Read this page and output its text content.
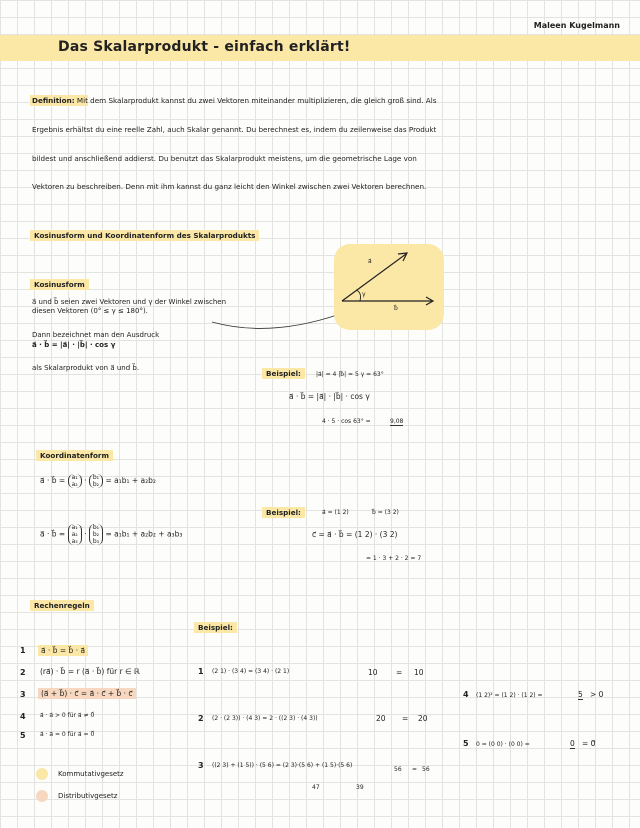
Maleen Kugelmann
Das Skalarprodukt - einfach erklärt!
Definition: Mit dem Skalarprodukt kannst du zwei Vektoren miteinander multiplizieren, die gleich groß sind. Als
Ergebnis erhältst du eine reelle Zahl, auch Skalar genannt. Du berechnest es, indem du zeilenweise das Produkt
bildest und anschließend addierst. Du benutzt das Skalarprodukt meistens, um die geometrische Lage von
Vektoren zu beschreiben. Denn mit ihm kannst du ganz leicht den Winkel zwischen zwei Vektoren berechnen.
Kosinusform und Koordinatenform des Skalarprodukts
Kosinusform
a⃗ und b⃗ seien zwei Vektoren und γ der Winkel zwischen
diesen Vektoren (0° ≤ γ ≤ 180°).
Dann bezeichnet man den Ausdruck
a⃗ · b⃗ = |a⃗| · |b⃗| · cos γ
als Skalarprodukt von a⃗ und b⃗.
a⃗
b⃗
γ
Beispiel:	|a⃗| = 4 |b⃗| = 5 γ = 63°
a⃗ · b⃗ = |a⃗| · |b⃗| · cos γ
4 · 5 · cos 63° =	9,08
Koordinatenform
a⃗ · b⃗ = a₁
a₂ · b₁
b₂ = a₁b₁ + a₂b₂
a⃗ · b⃗ = a₁
a₂
a₃ · b₁
b₂
b₃ = a₁b₁ + a₂b₂ + a₃b₃
Beispiel:	a⃗ = (1 2)	b⃗ = (3 2)
c⃗ = a⃗ · b⃗ = (1 2) · (3 2)
= 1 · 3 + 2 · 2 = 7
Rechenregeln
Beispiel:
1	a⃗ · b⃗ = b⃗ · a⃗
2 (ra⃗) · b⃗ = r (a⃗ · b⃗) für r ∈ ℝ
3	(a⃗ + b⃗) · c⃗ = a⃗ · c⃗ + b⃗ · c⃗
4 a⃗ · a⃗ > 0 für a⃗ ≠ 0⃗
5 a⃗ · a⃗ = 0 für a⃗ = 0⃗
1 (2 1) · (3 4) = (3 4) · (2 1)	10 = 10
2 (2 · (2 3)) · (4 3) = 2 · ((2 3) · (4 3))	20 = 20
3 ((2 3) + (1 5)) · (5 6) = (2 3)·(5 6) + (1 5)·(5 6)
56 = 56
47	39
4 (1 2)² = (1 2) · (1 2) =	5 > 0
5 0 = (0 0) · (0 0) =	0 = 0⃗
Kommutativgesetz
Distributivgesetz
